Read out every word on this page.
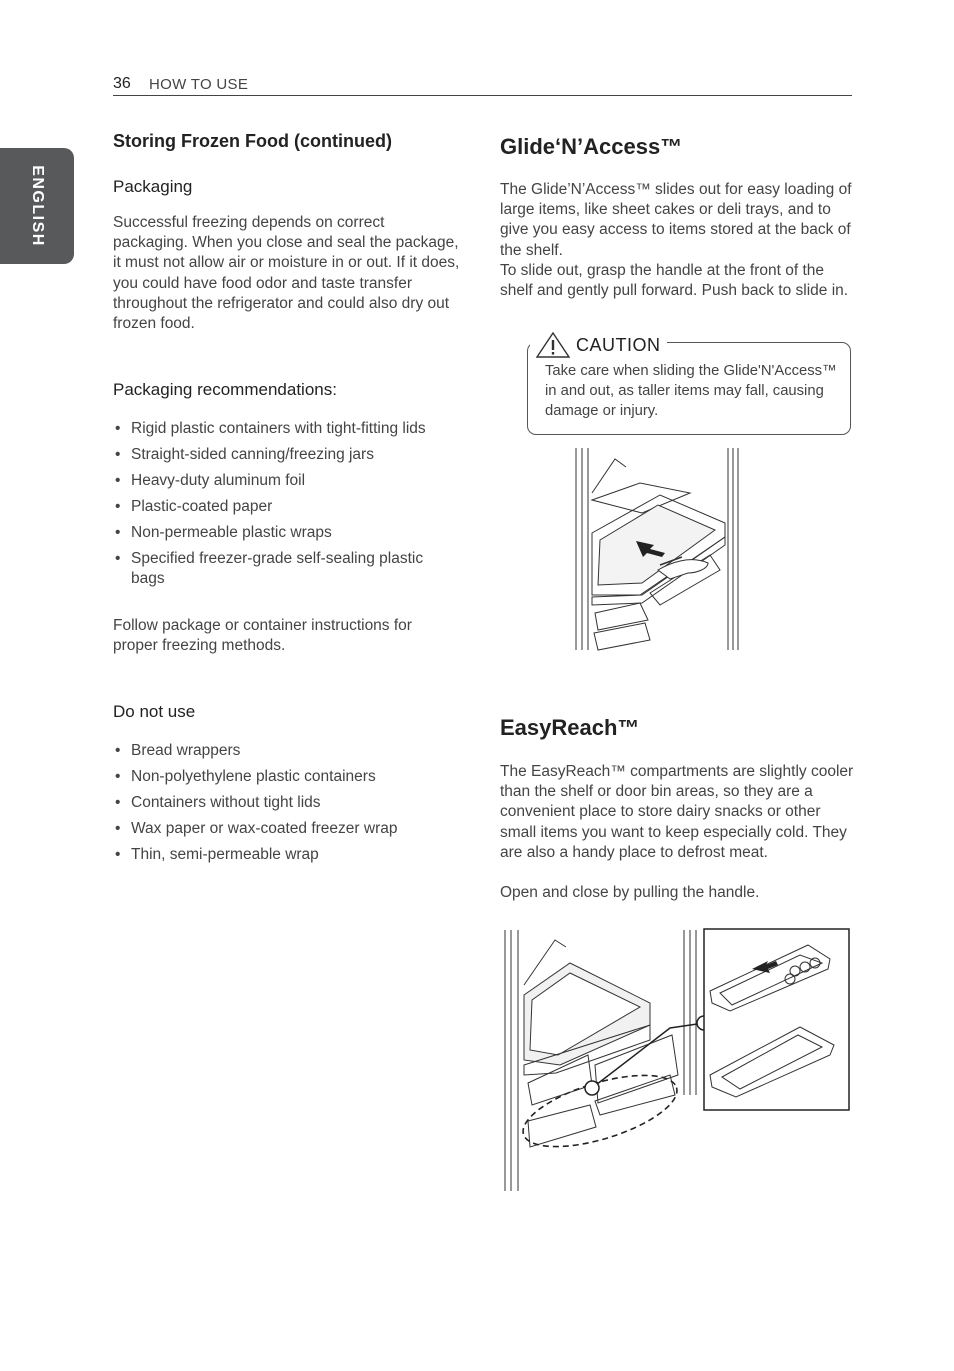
36 HOW TO USE
ENGLISH
Storing Frozen Food (continued)
Packaging
Successful freezing depends on correct packaging. When you close and seal the package, it must not allow air or moisture in or out. If it does, you could have food odor and taste transfer throughout the refrigerator and could also dry out frozen food.
Packaging recommendations:
• Rigid plastic containers with tight-fitting lids
• Straight-sided canning/freezing jars
• Heavy-duty aluminum foil
• Plastic-coated paper
• Non-permeable plastic wraps
• Specified freezer-grade self-sealing plastic bags
Follow package or container instructions for proper freezing methods.
Do not use
• Bread wrappers
• Non-polyethylene plastic containers
• Containers without tight lids
• Wax paper or wax-coated freezer wrap
• Thin, semi-permeable wrap
Glide‘N’Access™
The Glide’N’Access™ slides out for easy loading of large items, like sheet cakes or deli trays, and to give you easy access to items stored at the back of the shelf.
To slide out, grasp the handle at the front of the shelf and gently pull forward. Push back to slide in.
CAUTION
Take care when sliding the Glide'N'Access™ in and out, as taller items may fall, causing damage or injury.
EasyReach™
The EasyReach™ compartments are slightly cooler than the shelf or door bin areas, so they are a convenient place to store dairy snacks or other small items you want to keep especially cold. They are also a handy place to defrost meat.
Open and close by pulling the handle.
